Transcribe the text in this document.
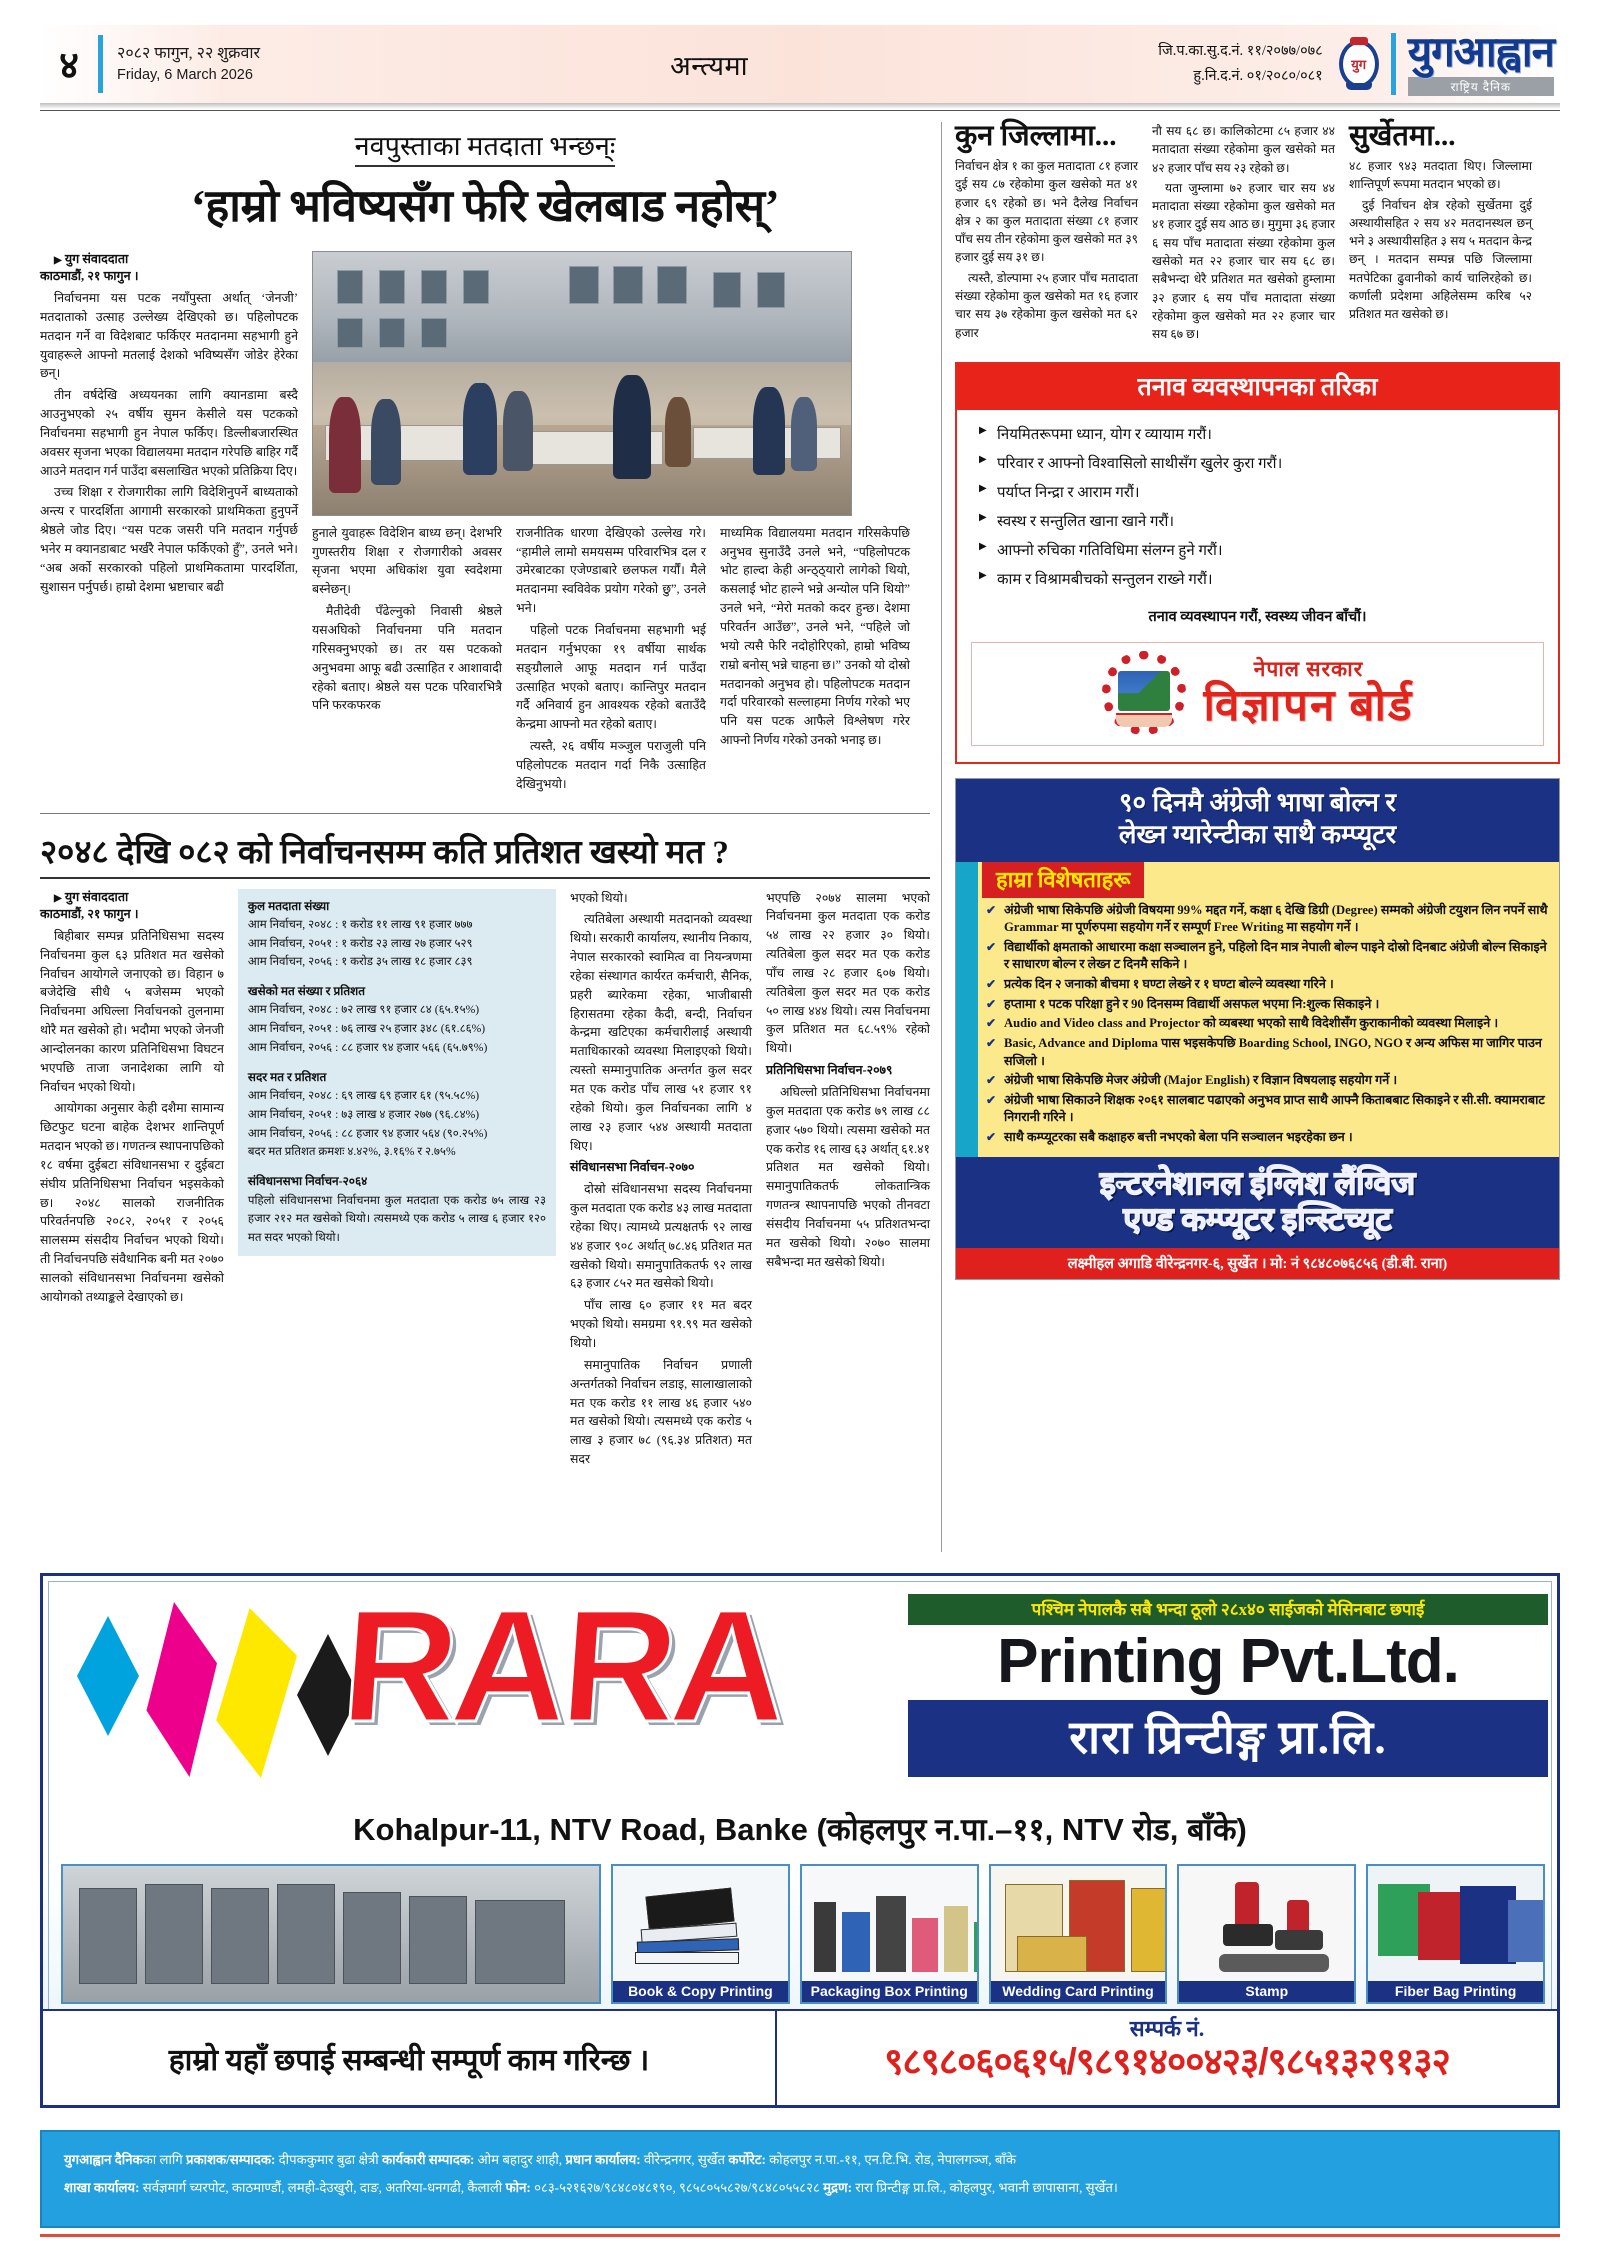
४	२०८२ फागुन, २२ शुक्रवार
Friday, 6 March 2026	अन्त्यमा	जि.प.का.सु.द.नं. ११/२०७७/०७८
हु.नि.द.नं. ०१/२०८०/०८१
युग युगआह्वान
राष्ट्रिय दैनिक
नवपुस्ताका मतदाता भन्छन्ः
‘हाम्रो भविष्यसँग फेरि खेलबाड नहोस्’

▶ युग संवाददाता
काठमाडौं, २१ फागुन ।

निर्वाचनमा यस पटक नयाँपुस्ता अर्थात् ‘जेनजी’ मतदाताको उत्साह उल्लेख्य देखिएको छ। पहिलोपटक मतदान गर्ने वा विदेशबाट फर्किएर मतदानमा सहभागी हुने युवाहरूले आफ्नो मतलाई देशको भविष्यसँग जोडेर हेरेका छन्।

तीन वर्षदेखि अध्ययनका लागि क्यानडामा बस्दै आउनुभएको २५ वर्षीय सुमन केसीले यस पटकको निर्वाचनमा सहभागी हुन नेपाल फर्किए। डिल्लीबजारस्थित अवसर सृजना भएका विद्यालयमा मतदान गरेपछि बाहिर गर्दै आउने मतदान गर्न पाउँदा बसलाखित भएको प्रतिक्रिया दिए।

उच्च शिक्षा र रोजगारीका लागि विदेशिनुपर्ने बाध्यताको अन्त्य र पारदर्शिता आगामी सरकारको प्राथमिकता हुनुपर्ने श्रेष्ठले जोड दिए। “यस पटक जसरी पनि मतदान गर्नुपर्छ भनेर म क्यानडाबाट भर्खरै नेपाल फर्किएको हुँ”, उनले भने। “अब अर्को सरकारको पहिलो प्राथमिकतामा पारदर्शिता, सुशासन पर्नुपर्छ। हाम्रो देशमा भ्रष्टाचार बढी

हुनाले युवाहरू विदेशिन बाध्य छन्। देशभरि गुणस्तरीय शिक्षा र रोजगारीको अवसर सृजना भएमा अधिकांश युवा स्वदेशमा बस्नेछन्।

मैतीदेवी पँढेल्नुको निवासी श्रेष्ठले यसअघिको निर्वाचनमा पनि मतदान गरिसक्नुभएको छ। तर यस पटकको अनुभवमा आफू बढी उत्साहित र आशावादी रहेको बताए। श्रेष्ठले यस पटक परिवारभित्रै पनि फरकफरक

राजनीतिक धारणा देखिएको उल्लेख गरे। “हामीले लामो समयसम्म परिवारभित्र दल र उमेरबाटका एजेण्डाबारे छलफल गर्यौं। मैले मतदानमा स्वविवेक प्रयोग गरेको छु”, उनले भने।

पहिलो पटक निर्वाचनमा सहभागी भई मतदान गर्नुभएका १९ वर्षीया सार्थक सङ्ग्रौलाले आफू मतदान गर्न पाउँदा उत्साहित भएको बताए। कान्तिपुर मतदान गर्दै अनिवार्य हुन आवश्यक रहेको बताउँदै केन्द्रमा आफ्नो मत रहेको बताए।

त्यस्तै, २६ वर्षीय मञ्जुल पराजुली पनि पहिलोपटक मतदान गर्दा निकै उत्साहित देखिनुभयो।

माध्यमिक विद्यालयमा मतदान गरिसकेपछि अनुभव सुनाउँदै उनले भने, “पहिलोपटक भोट हाल्दा केही अन्ठ्ठ्यारो लागेको थियो, कसलाई भोट हाल्ने भन्ने अन्योल पनि थियो” उनले भने, “मेरो मतको कदर हुन्छ। देशमा परिवर्तन आउँछ”, उनले भने, “पहिले जो भयो त्यसै फेरि नदोहोरिएको, हाम्रो भविष्य राम्रो बनोस् भन्ने चाहना छ।” उनको यो दोस्रो मतदानको अनुभव हो। पहिलोपटक मतदान गर्दा परिवारको सल्लाहमा निर्णय गरेको भए पनि यस पटक आफैले विश्लेषण गरेर आफ्नो निर्णय गरेको उनको भनाइ छ।

२०४८ देखि ०८२ को निर्वाचनसम्म कति प्रतिशत खस्यो मत ?

▶ युग संवाददाता
काठमाडौं, २१ फागुन ।

बिहीबार सम्पन्न प्रतिनिधिसभा सदस्य निर्वाचनमा कुल ६३ प्रतिशत मत खसेको निर्वाचन आयोगले जनाएको छ। विहान ७ बजेदेखि सीधै ५ बजेसम्म भएको निर्वाचनमा अघिल्ला निर्वाचनको तुलनामा थोरै मत खसेको हो। भदौमा भएको जेनजी आन्दोलनका कारण प्रतिनिधिसभा विघटन भएपछि ताजा जनादेशका लागि यो निर्वाचन भएको थियो।

आयोगका अनुसार केही दशैमा सामान्य छिटफुट घटना बाहेक देशभर शान्तिपूर्ण मतदान भएको छ। गणतन्त्र स्थापनापछिको १८ वर्षमा दुईबटा संविधानसभा र दुईबटा संघीय प्रतिनिधिसभा निर्वाचन भइसकेको छ। २०४८ सालको राजनीतिक परिवर्तनपछि २०८२, २०५१ र २०५६ सालसम्म संसदीय निर्वाचन भएको थियो। ती निर्वाचनपछि संवैधानिक बनी मत २०७० सालको संविधानसभा निर्वाचनमा खसेको आयोगको तथ्याङ्कले देखाएको छ।

कुल मतदाता संख्या
आम निर्वाचन, २०४८ : १ करोड ११ लाख ९१ हजार ७७७
आम निर्वाचन, २०५१ : १ करोड २३ लाख २७ हजार ५२९
आम निर्वाचन, २०५६ : १ करोड ३५ लाख १८ हजार ८३९
खसेको मत संख्या र प्रतिशत
आम निर्वाचन, २०४८ : ७२ लाख ९१ हजार ८४ (६५.१५%)
आम निर्वाचन, २०५१ : ७६ लाख २५ हजार ३४८ (६१.८६%)
आम निर्वाचन, २०५६ : ८८ हजार ९४ हजार ५६६ (६५.७९%)
सदर मत र प्रतिशत
आम निर्वाचन, २०४८ : ६९ लाख ६९ हजार ६१ (९५.५८%)
आम निर्वाचन, २०५१ : ७३ लाख ४ हजार २७७ (९६.८४%)
आम निर्वाचन, २०५६ : ८८ हजार ९४ हजार ५६४ (९०.२५%)
बदर मत प्रतिशत क्रमशः ४.४२%, ३.१६% र २.७५%
संविधानसभा निर्वाचन-२०६४
पहिलो संविधानसभा निर्वाचनमा कुल मतदाता एक करोड ७५ लाख २३ हजार २१२ मत खसेको थियो। त्यसमध्ये एक करोड ५ लाख ६ हजार १२० मत सदर भएको थियो।

भएको थियो।

त्यतिबेला अस्थायी मतदानको व्यवस्था थियो। सरकारी कार्यालय, स्थानीय निकाय, नेपाल सरकारको स्वामित्व वा नियन्त्रणमा रहेका संस्थागत कार्यरत कर्मचारी, सैनिक, प्रहरी ब्यारेकमा रहेका, भाजीबासी हिरासतमा रहेका कैदी, बन्दी, निर्वाचन केन्द्रमा खटिएका कर्मचारीलाई अस्थायी मताधिकारको व्यवस्था मिलाइएको थियो। त्यस्तो सम्मानुपातिक अन्तर्गत कुल सदर मत एक करोड पाँच लाख ५१ हजार ९१ रहेको थियो। कुल निर्वाचनका लागि ४ लाख २३ हजार ५४४ अस्थायी मतदाता थिए।

संविधानसभा निर्वाचन-२०७०

दोस्रो संविधानसभा सदस्य निर्वाचनमा कुल मतदाता एक करोड ४३ लाख मतदाता रहेका थिए। त्यामध्ये प्रत्यक्षतर्फ ९२ लाख ४४ हजार ९०८ अर्थात् ७८.४६ प्रतिशत मत खसेको थियो। समानुपातिकतर्फ ९२ लाख ६३ हजार ८५२ मत खसेको थियो।

पाँच लाख ६० हजार ११ मत बदर भएको थियो। समग्रमा ९१.९९ मत खसेको थियो।

समानुपातिक निर्वाचन प्रणाली अन्तर्गतको निर्वाचन लडाइ, सालाखालाको मत एक करोड ११ लाख ४६ हजार ५४० मत खसेको थियो। त्यसमध्ये एक करोड ५ लाख ३ हजार ७८ (९६.३४ प्रतिशत) मत सदर

भएपछि २०७४ सालमा भएको निर्वाचनमा कुल मतदाता एक करोड ५४ लाख २२ हजार ३० थियो। त्यतिबेला कुल सदर मत एक करोड पाँच लाख २८ हजार ६०७ थियो। त्यतिबेला कुल सदर मत एक करोड ५० लाख ४४४ थियो। त्यस निर्वाचनमा कुल प्रतिशत मत ६८.५९% रहेको थियो।

प्रतिनिधिसभा निर्वाचन-२०७९

अघिल्लो प्रतिनिधिसभा निर्वाचनमा कुल मतदाता एक करोड ७९ लाख ८८ हजार ५७० थियो। त्यसमा खसेको मत एक करोड १६ लाख ६३ अर्थात् ६१.४१ प्रतिशत मत खसेको थियो। समानुपातिकतर्फ लोकतान्त्रिक गणतन्त्र स्थापनापछि भएको तीनवटा संसदीय निर्वाचनमा ५५ प्रतिशतभन्दा मत खसेको थियो। २०७० सालमा सबैभन्दा मत खसेको थियो।

कुन जिल्लामा...

निर्वाचन क्षेत्र १ का कुल मतादाता ८१ हजार दुई सय ८७ रहेकोमा कुल खसेको मत ४१ हजार ६९ रहेको छ। भने दैलेख निर्वाचन क्षेत्र २ का कुल मतादाता संख्या ८१ हजार पाँच सय तीन रहेकोमा कुल खसेको मत ३९ हजार दुई सय ३१ छ।

त्यस्तै, डोल्पामा २५ हजार पाँच मतादाता संख्या रहेकोमा कुल खसेको मत १६ हजार चार सय ३७ रहेकोमा कुल खसेको मत ६२ हजार

नौ सय ६८ छ। कालिकोटमा ८५ हजार ४४ मतादाता संख्या रहेकोमा कुल खसेको मत ४२ हजार पाँच सय २३ रहेको छ।

यता जुम्लामा ७२ हजार चार सय ४४ मतादाता संख्या रहेकोमा कुल खसेको मत ४१ हजार दुई सय आठ छ। मुगुमा ३६ हजार ६ सय पाँच मतादाता संख्या रहेकोमा कुल खसेको मत २२ हजार चार सय ६८ छ। सबैभन्दा धेरै प्रतिशत मत खसेको हुम्लामा ३२ हजार ६ सय पाँच मतादाता संख्या रहेकोमा कुल खसेको मत २२ हजार चार सय ६७ छ।

सुर्खेतमा...

४८ हजार ९४३ मतदाता थिए। जिल्लामा शान्तिपूर्ण रूपमा मतदान भएको छ।

दुई निर्वाचन क्षेत्र रहेको सुर्खेतमा दुई अस्थायीसहित २ सय ४२ मतदानस्थल छन् भने ३ अस्थायीसहित ३ सय ५ मतदान केन्द्र छन् । मतदान सम्पन्न पछि जिल्लामा मतपेटिका ढुवानीको कार्य चालिरहेको छ। कर्णाली प्रदेशमा अहिलेसम्म करिब ५२ प्रतिशत मत खसेको छ।

तनाव व्यवस्थापनका तरिका
▶ नियमितरूपमा ध्यान, योग र व्यायाम गरौं।
▶ परिवार र आफ्नो विश्वासिलो साथीसँग खुलेर कुरा गरौं।
▶ पर्याप्त निन्द्रा र आराम गरौं।
▶ स्वस्थ र सन्तुलित खाना खाने गरौं।
▶ आफ्नो रुचिका गतिविधिमा संलग्न हुने गरौं।
▶ काम र विश्रामबीचको सन्तुलन राख्ने गरौं।
तनाव व्यवस्थापन गरौं, स्वस्थ्य जीवन बाँचौं।
नेपाल सरकार
विज्ञापन बोर्ड
९० दिनमै अंग्रेजी भाषा बोल्न र
लेख्न ग्यारेन्टीका साथै कम्प्यूटर
हाम्रा विशेषताहरू
✔ अंग्रेजी भाषा सिकेपछि अंग्रेजी विषयमा 99% मद्दत गर्ने, कक्षा ६ देखि डिग्री (Degree) सम्मको अंग्रेजी टयुशन लिन नपर्ने साथै Grammar मा पूर्णरुपमा सहयोग गर्ने र सम्पूर्ण Free Writing मा सहयोग गर्ने ।
✔ विद्यार्थीको क्षमताको आधारमा कक्षा सञ्चालन हुने, पहिलो दिन मात्र नेपाली बोल्न पाइने दोस्रो दिनबाट अंग्रेजी बोल्न सिकाइने र साधारण बोल्न र लेख्न ट दिनमै सकिने ।
✔ प्रत्येक दिन २ जनाको बीचमा १ घण्टा लेख्ने र १ घण्टा बोल्ने व्यवस्था गरिने ।
✔ हप्तामा १ पटक परिक्षा हुने र 90 दिनसम्म विद्यार्थी असफल भएमा नि:शुल्क सिकाइने ।
✔ Audio and Video class and Projector को व्यबस्था भएको साथै विदेशीसँग कुराकानीको व्यवस्था मिलाइने ।
✔ Basic, Advance and Diploma पास भइसकेपछि Boarding School, INGO, NGO र अन्य अफिस मा जागिर पाउन सजिलो ।
✔ अंग्रेजी भाषा सिकेपछि मेजर अंग्रेजी (Major English) र विज्ञान विषयलाइ सहयोग गर्ने ।
✔ अंग्रेजी भाषा सिकाउने शिक्षक २०६१ सालबाट पढाएको अनुभव प्राप्त साथै आफ्नै किताबबाट सिकाइने र सी.सी. क्यामराबाट निगरानी गरिने ।
✔ साथै कम्प्यूटरका सबै कक्षाहरु बत्ती नभएको बेला पनि सञ्चालन भइरहेका छन ।
इन्टरनेशानल इंग्लिश लैंग्विज
एण्ड कम्प्यूटर इन्स्टिच्यूट
लक्ष्मीहल अगाडि वीरेन्द्रनगर-६, सुर्खेत । मो: नं ९८४८०७६८५६ (डी.बी. राना)
RARA	पश्चिम नेपालकै सबै भन्दा ठूलो २८x४० साईजको मेसिनबाट छपाई
Printing Pvt.Ltd.
रारा प्रिन्टीङ्ग प्रा.लि.
Kohalpur-11, NTV Road, Banke (कोहलपुर न.पा.–११, NTV रोड, बाँके)
Book & Copy Printing	Packaging Box Printing	Wedding Card Printing	Stamp	Fiber Bag Printing
हाम्रो यहाँ छपाई सम्बन्धी सम्पूर्ण काम गरिन्छ ।
सम्पर्क नं.
९८९८०६०६१५/९८९१४००४२३/९८५१३२९१३२
युगआह्वान दैनिकका लागि प्रकाशक/सम्पादक: दीपककुमार बुढा क्षेत्री कार्यकारी सम्पादक: ओम बहादुर शाही, प्रधान कार्यालय: वीरेन्द्रनगर, सुर्खेत कर्पोरेट: कोहलपुर न.पा.-११, एन.टि.भि. रोड, नेपालगञ्ज, बाँके
शाखा कार्यालय: सर्वज्ञमार्ग च्यरपोट, काठमाण्डौं, लमही-देउखुरी, दाङ, अतरिया-धनगढी, कैलाली फोन: ०८३-५२१६२७/९८४८०४८१९०, ९८५८०५५८२७/९८४८०५५८२८ मुद्रण: रारा प्रिन्टीङ्ग प्रा.लि., कोहलपुर, भवानी छापासाना, सुर्खेत।
